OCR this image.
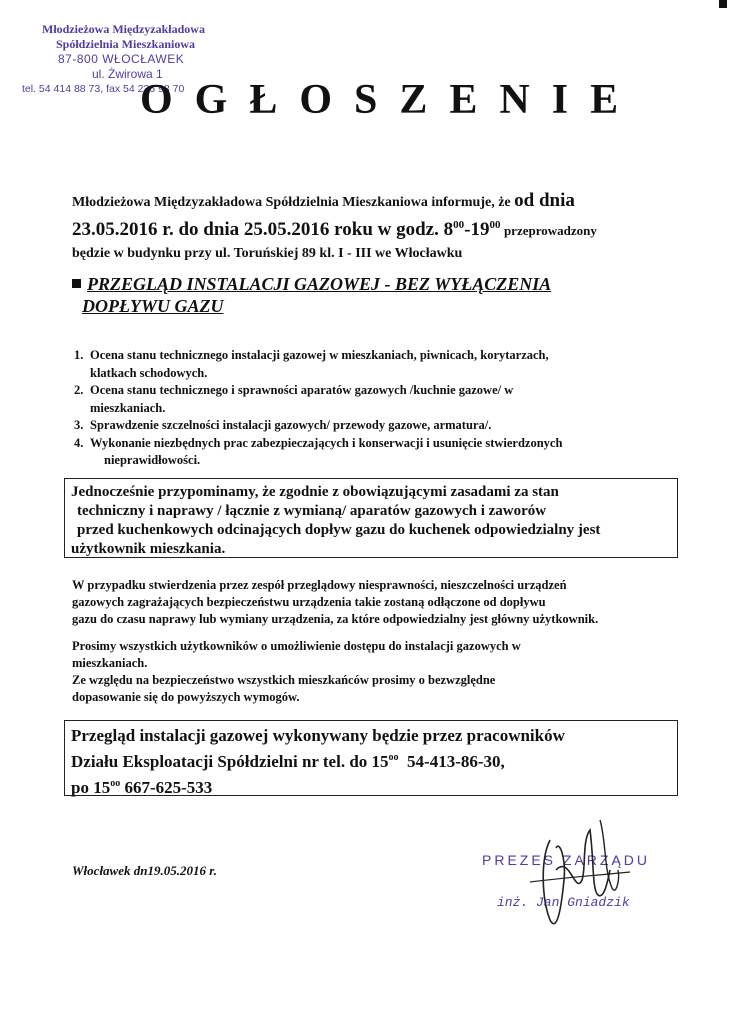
Młodzieżowa Międzyzakładowa
Spółdzielnia Mieszkaniowa
87-800 WŁOCŁAWEK
ul. Żwirowa 1
tel. 54 414 88 73, fax 54 236 98 70
OGŁOSZENIE
Młodzieżowa Międzyzakładowa Spółdzielnia Mieszkaniowa informuje, że od dnia
23.05.2016 r. do dnia 25.05.2016 roku w godz. $8^{00}-19^{00}$ przeprowadzony
będzie w budynku przy ul. Toruńskiej 89 kl. I - III we Włocławku
PRZEGLĄD INSTALACJI GAZOWEJ - BEZ WYŁĄCZENIA
DOPŁYWU GAZU
1. Ocena stanu technicznego instalacji gazowej w mieszkaniach, piwnicach, korytarzach,
klatkach schodowych.
2. Ocena stanu technicznego i sprawności aparatów gazowych /kuchnie gazowe/ w
mieszkaniach.
3. Sprawdzenie szczelności instalacji gazowych/ przewody gazowe, armatura/.
4. Wykonanie niezbędnych prac zabezpieczających i konserwacji i usunięcie stwierdzonych
nieprawidłowości.
Jednocześnie przypominamy, że zgodnie z obowiązującymi zasadami za stan
techniczny i naprawy / łącznie z wymianą/ aparatów gazowych i zaworów
przed kuchenkowych odcinających dopływ gazu do kuchenek odpowiedzialny jest
użytkownik mieszkania.
W przypadku stwierdzenia przez zespół przeglądowy niesprawności, nieszczelności urządzeń
gazowych zagrażających bezpieczeństwu urządzenia takie zostaną odłączone od dopływu
gazu do czasu naprawy lub wymiany urządzenia, za które odpowiedzialny jest główny użytkownik.
Prosimy wszystkich użytkowników o umożliwienie dostępu do instalacji gazowych w
mieszkaniach.
Ze względu na bezpieczeństwo wszystkich mieszkańców prosimy o bezwzględne
dopasowanie się do powyższych wymogów.
Przegląd instalacji gazowej wykonywany będzie przez pracowników
Działu Eksploatacji Spółdzielni nr tel. do $15^{oo}$  54-413-86-30,
po $15^{oo}$ 667-625-533
Włocławek dn19.05.2016 r.
PREZES ZARZĄDU
inż. Jan Gniadzik
